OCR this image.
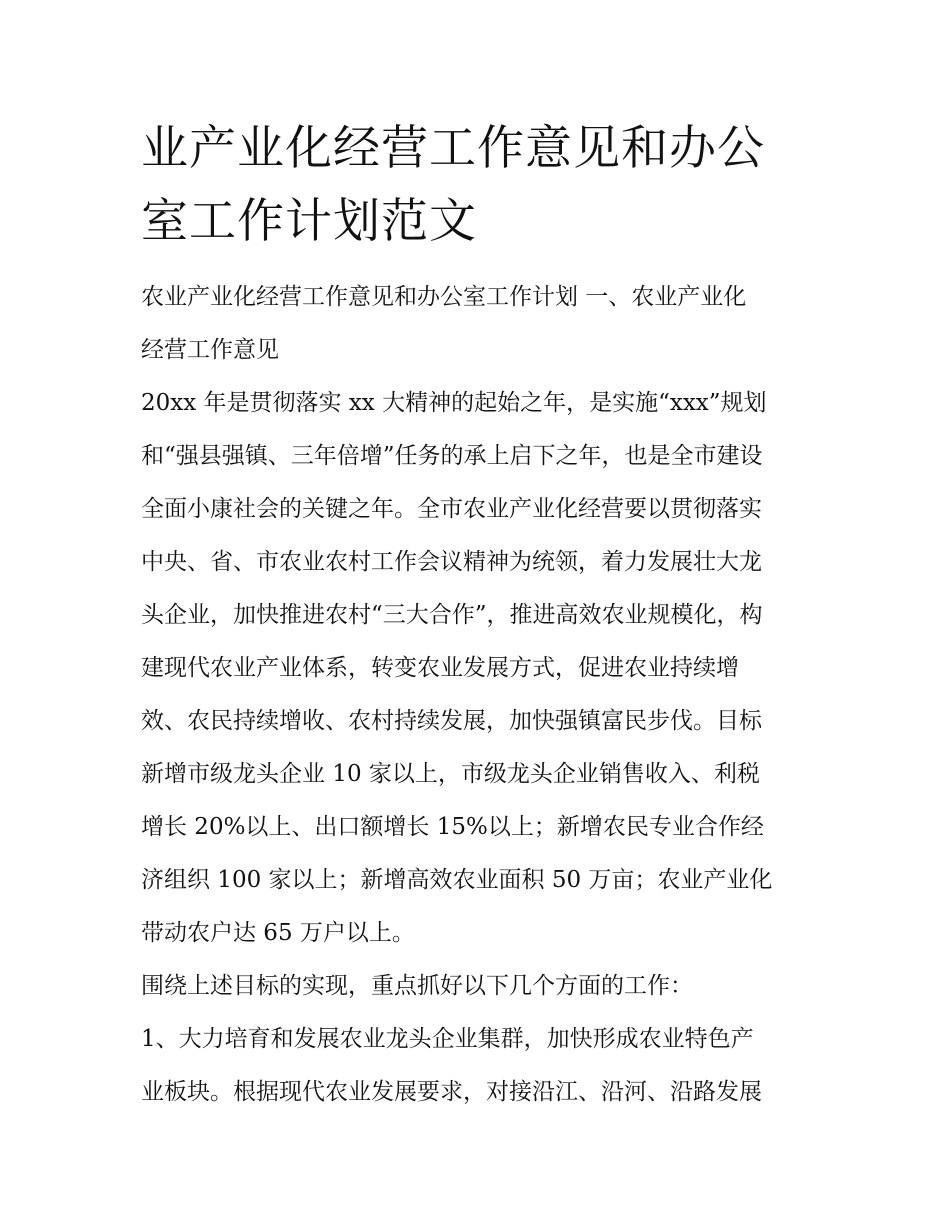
业产业化经营工作意见和办公
室工作计划范文
农业产业化经营工作意见和办公室工作计划 一、农业产业化
经营工作意见
20xx 年是贯彻落实 xx 大精神的起始之年，是实施“xxx”规划
和“强县强镇、三年倍增”任务的承上启下之年，也是全市建设
全面小康社会的关键之年。全市农业产业化经营要以贯彻落实
中央、省、市农业农村工作会议精神为统领，着力发展壮大龙
头企业，加快推进农村“三大合作”，推进高效农业规模化，构
建现代农业产业体系，转变农业发展方式，促进农业持续增
效、农民持续增收、农村持续发展，加快强镇富民步伐。目标
新增市级龙头企业 10 家以上，市级龙头企业销售收入、利税
增长 20%以上、出口额增长 15%以上；新增农民专业合作经
济组织 100 家以上；新增高效农业面积 50 万亩；农业产业化
带动农户达 65 万户以上。
围绕上述目标的实现，重点抓好以下几个方面的工作：
1、大力培育和发展农业龙头企业集群，加快形成农业特色产
业板块。根据现代农业发展要求，对接沿江、沿河、沿路发展
